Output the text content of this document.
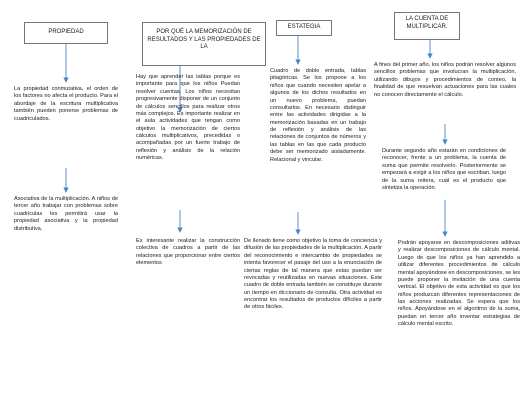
PROPIEDAD
La propiedad conmutativa, el orden de los factores no afecta el producto. Para el abordaje de la escritura multiplicativa también pueden ponerse problemas de cuadriculados.
Asociativa de la multiplicación. A niños de tercer año trabajar con problemas sobre cuadriculas les permitirá usar la propiedad asociativa y la propiedad distributiva.
POR QUÉ LA MEMORIZACIÓN DE RESULTADOS Y LAS PROPIEDADES DE LA
Hay que aprender las tablas porque es importante para que los niños Puedan resolver cuentas. Los niños necesitan progresivamente disponer de un conjunto de cálculos sencillos para realizar otros más complejos. Es importante realizar en el aula actividades que tengan como objetivo la memorización de ciertos cálculos multiplicativos, precedidas o acompañadas por un fuerte trabajo de reflexión y análisis de la relación numéricas.
Es interesante realizar la construcción colectiva de cuadros a partir de las relaciones que proporcionar entre ciertos elementos
ESTATEGIA
Cuadro de doble entrada, tablas pitagóricas. Se los propone a los niños que cuando necesiten apelar a algunos de los dichos resultados en un nuevo problema, puedan consultarlos. En necesario distinguir entre las actividades dirigidas a la memorización basadas en un trabajo de reflexión y análisis de las relaciones de conjuntos de números y las tablas en las que cada producto debe ser memorizado aisladamente. Relacional y vincular.
De llenado tiene como objetivo la toma de conciencia y difusión de las propiedades de la multiplicación. A partir del reconocimiento e intercambio de propiedades se intenta favorecer el pasaje del uso a la enunciación de ciertas reglas de tal manera que estas puedan ser revocadas y reutilizadas en nuevas situaciones. Este cuadro de doble entrada también se constituye durante un tiempo en diccionario de consulta. Otra actividad es encontrar los resultados de productos difíciles a partir de otros fáciles.
LA CUENTA DE MULTIPLICAR.
A fines del primer año, los niños podrán resolver algunos sencillos problemas que involucran la multiplicación, utilizando dibujos y procedimientos de conteo, la finalidad de que resuelvan actuaciones para las cuales no conocen directamente el cálculo.
Durante segundo año estarán en condiciones de reconocer, frente a un problema, la cuenta de suma que permite resolverlo. Posteriormente se empezará a exigir a los niños que escriban, luego de la suma reitera, cuál es el producto que sintetiza la operación.
Podrán apoyarse en descomposiciones aditivas y realizar descomposiciones de cálculo mental. Luego de que los niños ya han aprendido a utilizar diferentes procedimientos de cálculo mental apoyándose en descomposiciones, se les puede proponer la invitación de una cuenta vertical. El objetivo de esta actividad es que los niños produzcan diferentes representaciones de las acciones realizadas. Se espera que los niños. Apoyándose en el algoritmo de la suma, puedan en tercer año inventar estrategias de cálculo mental escrito.
